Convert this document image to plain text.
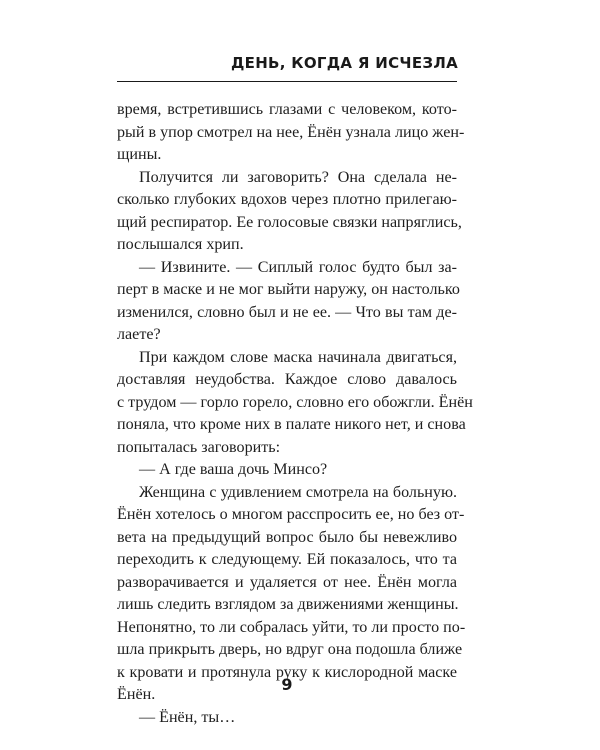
ДЕНЬ, КОГДА Я ИСЧЕЗЛА
время, встретившись глазами с человеком, кото-
рый в упор смотрел на нее, Ёнён узнала лицо жен-
щины.
Получится ли заговорить? Она сделала не-
сколько глубоких вдохов через плотно прилегаю-
щий респиратор. Ее голосовые связки напряглись,
послышался хрип.
— Извините. — Сиплый голос будто был за-
перт в маске и не мог выйти наружу, он настолько
изменился, словно был и не ее. — Что вы там де-
лаете?
При каждом слове маска начинала двигаться,
доставляя неудобства. Каждое слово давалось
с трудом — горло горело, словно его обожгли. Ёнён
поняла, что кроме них в палате никого нет, и снова
попыталась заговорить:
— А где ваша дочь Минсо?
Женщина с удивлением смотрела на больную.
Ёнён хотелось о многом расспросить ее, но без от-
вета на предыдущий вопрос было бы невежливо
переходить к следующему. Ей показалось, что та
разворачивается и удаляется от нее. Ёнён могла
лишь следить взглядом за движениями женщины.
Непонятно, то ли собралась уйти, то ли просто по-
шла прикрыть дверь, но вдруг она подошла ближе
к кровати и протянула руку к кислородной маске
Ёнён.
— Ёнён, ты…
9
